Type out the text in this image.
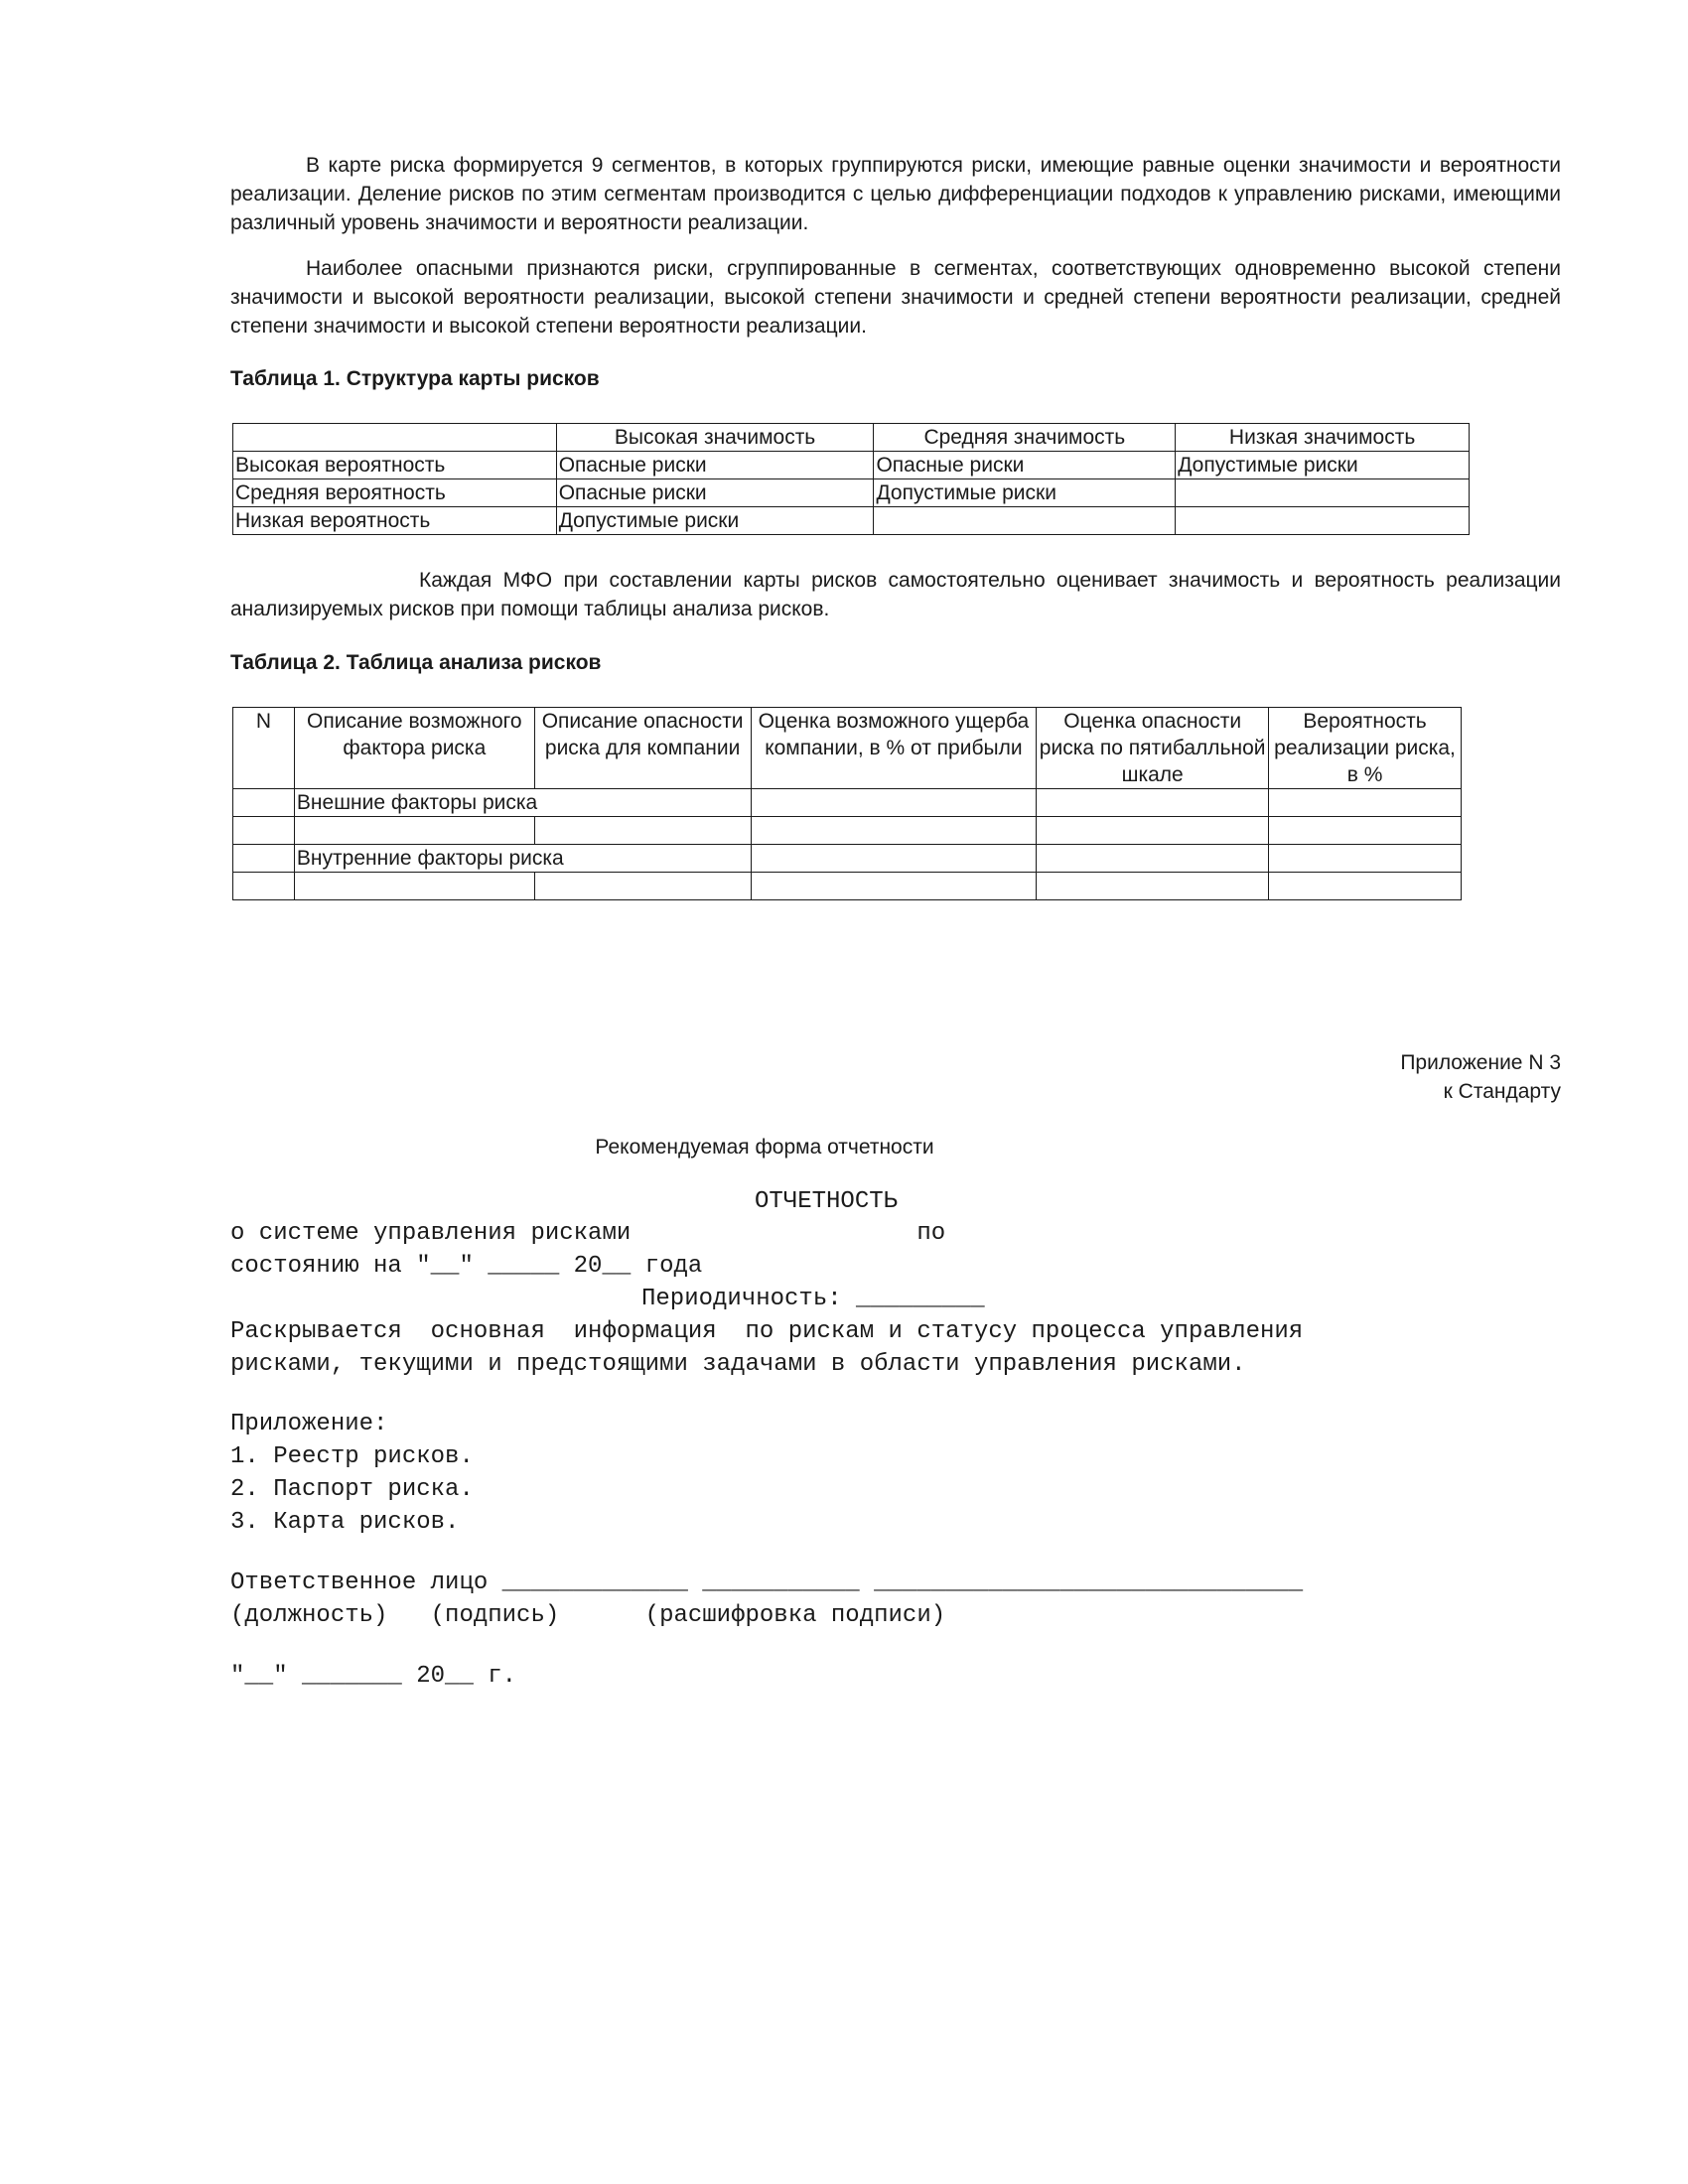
В карте риска формируется 9 сегментов, в которых группируются риски, имеющие равные оценки значимости и вероятности реализации. Деление рисков по этим сегментам производится с целью дифференциации подходов к управлению рисками, имеющими различный уровень значимости и вероятности реализации.

Наиболее опасными признаются риски, сгруппированные в сегментах, соответствующих одновременно высокой степени значимости и высокой вероятности реализации, высокой степени значимости и средней степени вероятности реализации, средней степени значимости и высокой степени вероятности реализации.

Таблица 1. Структура карты рисков

	Высокая значимость	Средняя значимость	Низкая значимость
Высокая вероятность	Опасные риски	Опасные риски	Допустимые риски
Средняя вероятность	Опасные риски	Допустимые риски	
Низкая вероятность	Допустимые риски		

Каждая МФО при составлении карты рисков самостоятельно оценивает значимость и вероятность реализации анализируемых рисков при помощи таблицы анализа рисков.

Таблица 2. Таблица анализа рисков

N	Описание возможного фактора риска	Описание опасности риска для компании	Оценка возможного ущерба компании, в % от прибыли	Оценка опасности риска по пятибалльной шкале	Вероятность реализации риска, в %
	Внешние факторы риска				

	Внутренние факторы риска				

Приложение N 3
к Стандарту
Рекомендуемая форма отчетности
ОТЧЕТНОСТЬ
о системе управления рисками                    по
состоянию на "__" _____ 20__ года
Периодичность: _________
Раскрывается  основная  информация  по рискам и статусу процесса управления
рисками, текущими и предстоящими задачами в области управления рисками.
Приложение:
1. Реестр рисков.
2. Паспорт риска.
3. Карта рисков.
Ответственное лицо _____________ ___________ ______________________________
(должность)   (подпись)      (расшифровка подписи)
"__" _______ 20__ г.
